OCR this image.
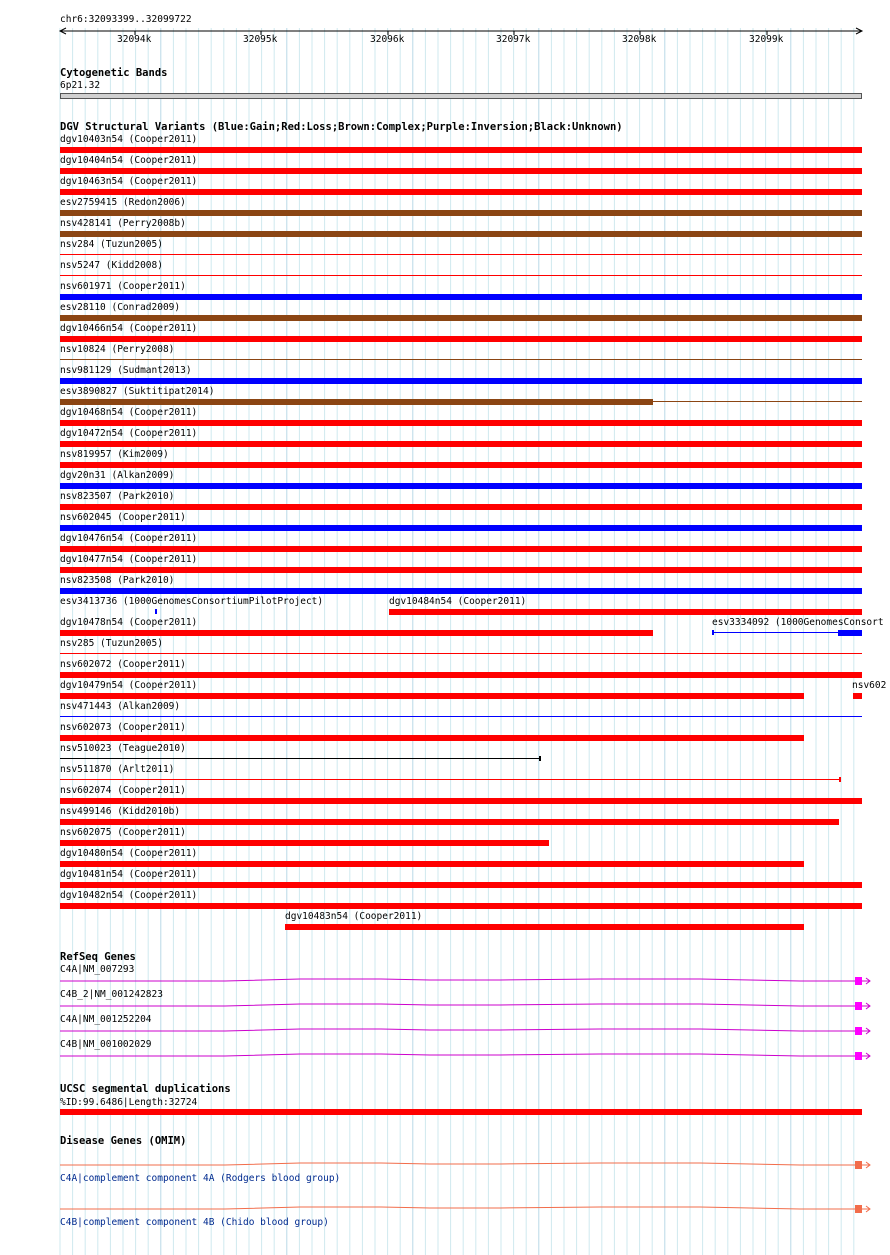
chr6:32093399..32099722
32094k	32095k	32096k	32097k	32098k	32099k
Cytogenetic Bands
6p21.32
DGV Structural Variants (Blue:Gain;Red:Loss;Brown:Complex;Purple:Inversion;Black:Unknown)
dgv10403n54 (Cooper2011)
dgv10404n54 (Cooper2011)
dgv10463n54 (Cooper2011)
esv2759415 (Redon2006)
nsv428141 (Perry2008b)
nsv284 (Tuzun2005)
nsv5247 (Kidd2008)
nsv601971 (Cooper2011)
esv28110 (Conrad2009)
dgv10466n54 (Cooper2011)
nsv10824 (Perry2008)
nsv981129 (Sudmant2013)
esv3890827 (Suktitipat2014)
dgv10468n54 (Cooper2011)
dgv10472n54 (Cooper2011)
nsv819957 (Kim2009)
dgv20n31 (Alkan2009)
nsv823507 (Park2010)
nsv602045 (Cooper2011)
dgv10476n54 (Cooper2011)
dgv10477n54 (Cooper2011)
nsv823508 (Park2010)
esv3413736 (1000GenomesConsortiumPilotProject)	dgv10484n54 (Cooper2011)
dgv10478n54 (Cooper2011)	esv3334092 (1000GenomesConsort
nsv285 (Tuzun2005)
nsv602072 (Cooper2011)
dgv10479n54 (Cooper2011)	nsv602
nsv471443 (Alkan2009)
nsv602073 (Cooper2011)
nsv510023 (Teague2010)
nsv511870 (Arlt2011)
nsv602074 (Cooper2011)
nsv499146 (Kidd2010b)
nsv602075 (Cooper2011)
dgv10480n54 (Cooper2011)
dgv10481n54 (Cooper2011)
dgv10482n54 (Cooper2011)
dgv10483n54 (Cooper2011)
RefSeq Genes
C4A|NM_007293
C4B_2|NM_001242823
C4A|NM_001252204
C4B|NM_001002029
UCSC segmental duplications
%ID:99.6486|Length:32724
Disease Genes (OMIM)
C4A|complement component 4A (Rodgers blood group)
C4B|complement component 4B (Chido blood group)
